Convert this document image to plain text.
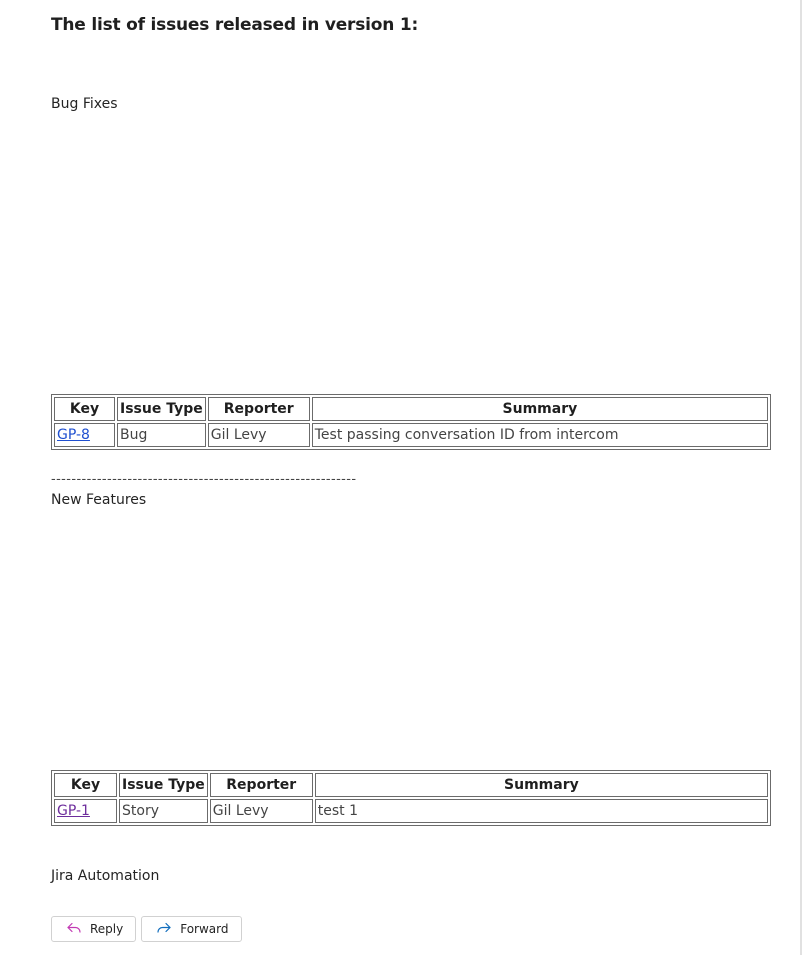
The list of issues released in version 1:
Bug Fixes
Key	Issue Type	Reporter	Summary
GP-8	Bug	Gil Levy	Test passing conversation ID from intercom
------------------------------------------------------------
New Features
Key	Issue Type	Reporter	Summary
GP-1	Story	Gil Levy	test 1
Jira Automation
Reply	Forward
